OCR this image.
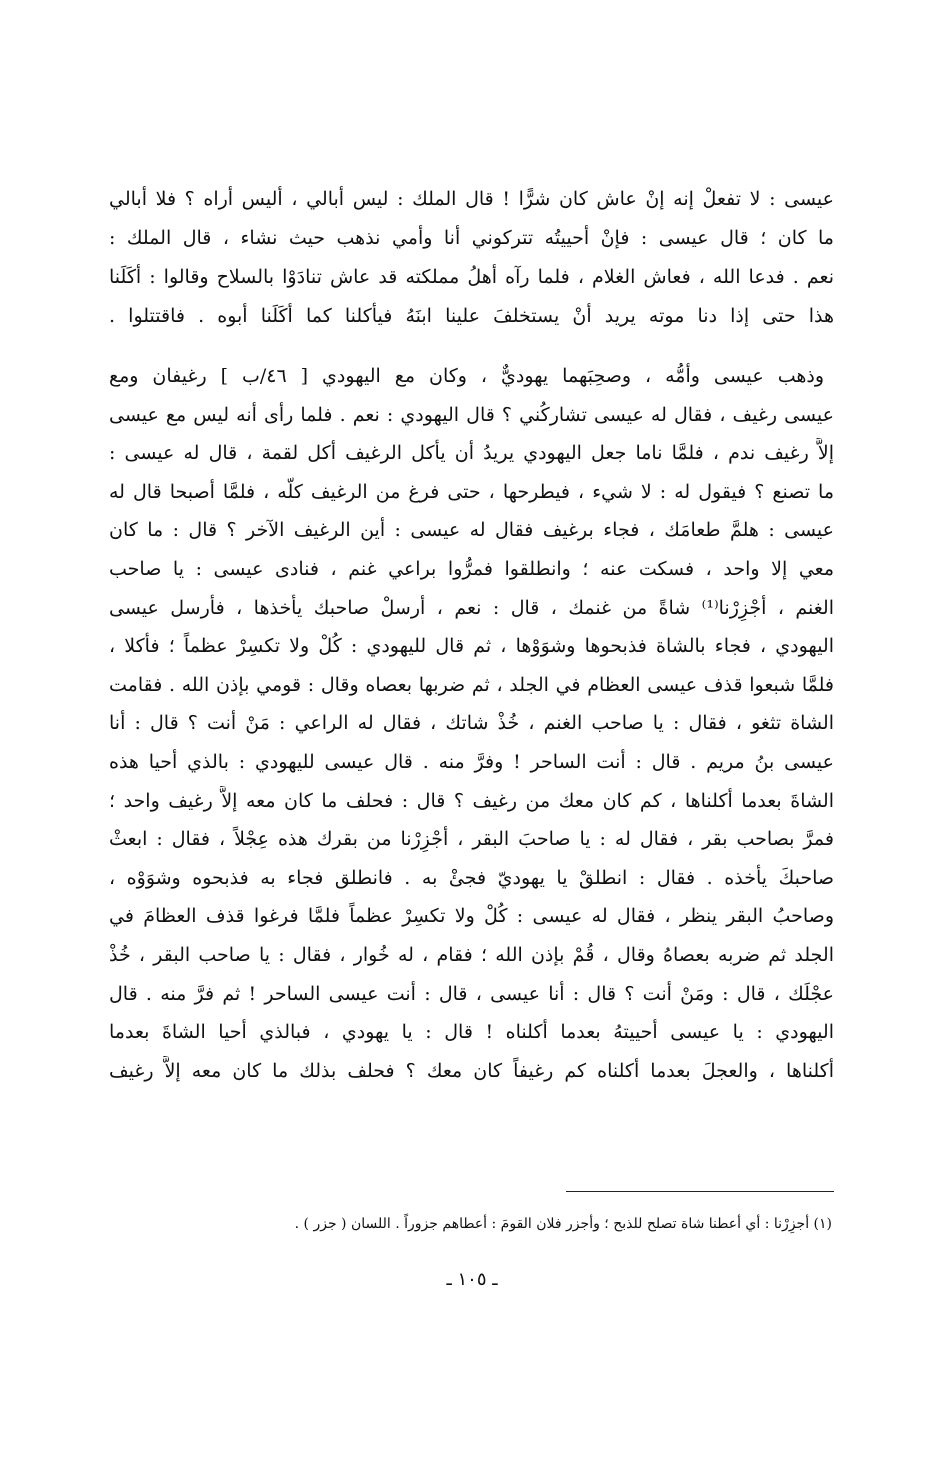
عيسى : لا تفعلْ إنه إنْ عاش كان شرًّا ! قال الملك : ليس أبالي ، أليس أراه ؟ فلا أبالي
ما كان ؛ قال عيسى : فإنْ أحييتُه تتركوني أنا وأمي نذهب حيث نشاء ، قال الملك :
نعم . فدعا الله ، فعاش الغلام ، فلما رآه أهلُ مملكته قد عاش تنادَوْا بالسلاح وقالوا : أكَلَنا
هذا حتى إذا دنا موته يريد أنْ يستخلفَ علينا ابنَهُ فيأكلنا كما أكَلَنا أبوه . فاقتتلوا .
وذهب عيسى وأمُّه ، وصحِبَهما يهوديٌّ ، وكان مع اليهودي [ ٤٦/ب ] رغيفان ومع
عيسى رغيف ، فقال له عيسى تشاركُني ؟ قال اليهودي : نعم . فلما رأى أنه ليس مع عيسى
إلاَّ رغيف ندم ، فلمَّا ناما جعل اليهودي يريدُ أن يأكل الرغيف أكل لقمة ، قال له عيسى :
ما تصنع ؟ فيقول له : لا شيء ، فيطرحها ، حتى فرغ من الرغيف كلّه ، فلمَّا أصبحا قال له
عيسى : هلمَّ طعامَك ، فجاء برغيف فقال له عيسى : أين الرغيف الآخر ؟ قال : ما كان
معي إلا واحد ، فسكت عنه ؛ وانطلقوا فمرُّوا براعي غنم ، فنادى عيسى : يا صاحب
الغنم ، أجْزِرْنا⁽¹⁾ شاةً من غنمك ، قال : نعم ، أرسلْ صاحبك يأخذها ، فأرسل عيسى
اليهودي ، فجاء بالشاة فذبحوها وشوَوْها ، ثم قال لليهودي : كُلْ ولا تكسِرْ عظماً ؛ فأكلا ،
فلمَّا شبعوا قذف عيسى العظام في الجلد ، ثم ضربها بعصاه وقال : قومي بإذن الله . فقامت
الشاة تثغو ، فقال : يا صاحب الغنم ، خُذْ شاتك ، فقال له الراعي : مَنْ أنت ؟ قال : أنا
عيسى بنُ مريم . قال : أنت الساحر ! وفرَّ منه . قال عيسى لليهودي : بالذي أحيا هذه
الشاةَ بعدما أكلناها ، كم كان معك من رغيف ؟ قال : فحلف ما كان معه إلاَّ رغيف واحد ؛
فمرَّ بصاحب بقر ، فقال له : يا صاحبَ البقر ، أجْزِرْنا من بقرك هذه عِجْلاً ، فقال : ابعثْ
صاحبكَ يأخذه . فقال : انطلقْ يا يهوديّ فجئْ به . فانطلق فجاء به فذبحوه وشوَوْه ،
وصاحبُ البقر ينظر ، فقال له عيسى : كُلْ ولا تكسِرْ عظماً فلمَّا فرغوا قذف العظامَ في
الجلد ثم ضربه بعصاهُ وقال ، قُمْ بإذن الله ؛ فقام ، له خُوار ، فقال : يا صاحب البقر ، خُذْ
عجْلَك ، قال : ومَنْ أنت ؟ قال : أنا عيسى ، قال : أنت عيسى الساحر ! ثم فرَّ منه . قال
اليهودي : يا عيسى أحييتهُ بعدما أكلناه ! قال : يا يهودي ، فبالذي أحيا الشاةَ بعدما
أكلناها ، والعجلَ بعدما أكلناه كم رغيفاً كان معك ؟ فحلف بذلك ما كان معه إلاَّ رغيف
(١) أجزِرْنا : أي أعطنا شاة تصلح للذبح ؛ وأجزر فلان القومَ : أعطاهم جزوراً . اللسان ( جزر ) .
ـ ١٠٥ ـ
